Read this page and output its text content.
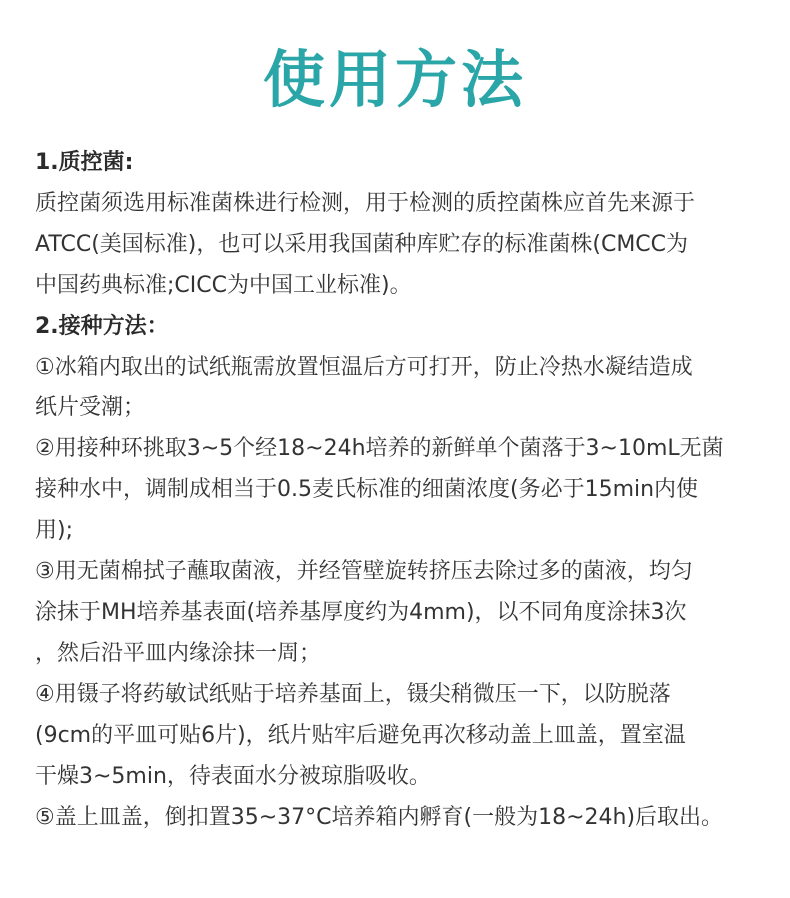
使用方法
1.质控菌:
质控菌须选用标准菌株进行检测，用于检测的质控菌株应首先来源于
ATCC(美国标准)，也可以采用我国菌种库贮存的标准菌株(CMCC为
中国药典标准;CICC为中国工业标准)。
2.接种方法：
①冰箱内取出的试纸瓶需放置恒温后方可打开，防止冷热水凝结造成
纸片受潮；
②用接种环挑取3~5个经18~24h培养的新鲜单个菌落于3~10mL无菌
接种水中，调制成相当于0.5麦氏标准的细菌浓度(务必于15min内使
用);
③用无菌棉拭子蘸取菌液，并经管壁旋转挤压去除过多的菌液，均匀
涂抹于MH培养基表面(培养基厚度约为4mm)，以不同角度涂抹3次
，然后沿平皿内缘涂抹一周；
④用镊子将药敏试纸贴于培养基面上，镊尖稍微压一下，以防脱落
(9cm的平皿可贴6片)，纸片贴牢后避免再次移动盖上皿盖，置室温
干燥3~5min，待表面水分被琼脂吸收。
⑤盖上皿盖，倒扣置35~37°C培养箱内孵育(一般为18~24h)后取出。
